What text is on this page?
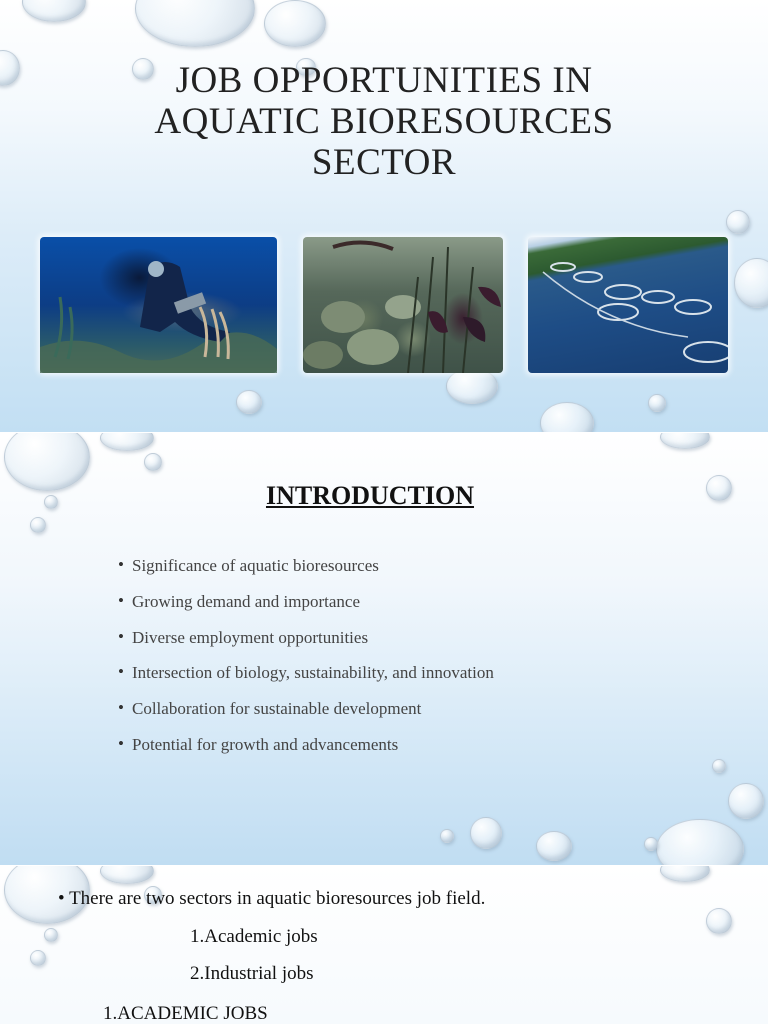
JOB OPPORTUNITIES IN
AQUATIC BIORESOURCES
SECTOR
INTRODUCTION
• Significance of aquatic bioresources
• Growing demand and importance
• Diverse employment opportunities
• Intersection of biology, sustainability, and innovation
• Collaboration for sustainable development
• Potential for growth and advancements
• There are two sectors in aquatic bioresources job field.
1.Academic jobs
2.Industrial jobs
1.ACADEMIC JOBS
